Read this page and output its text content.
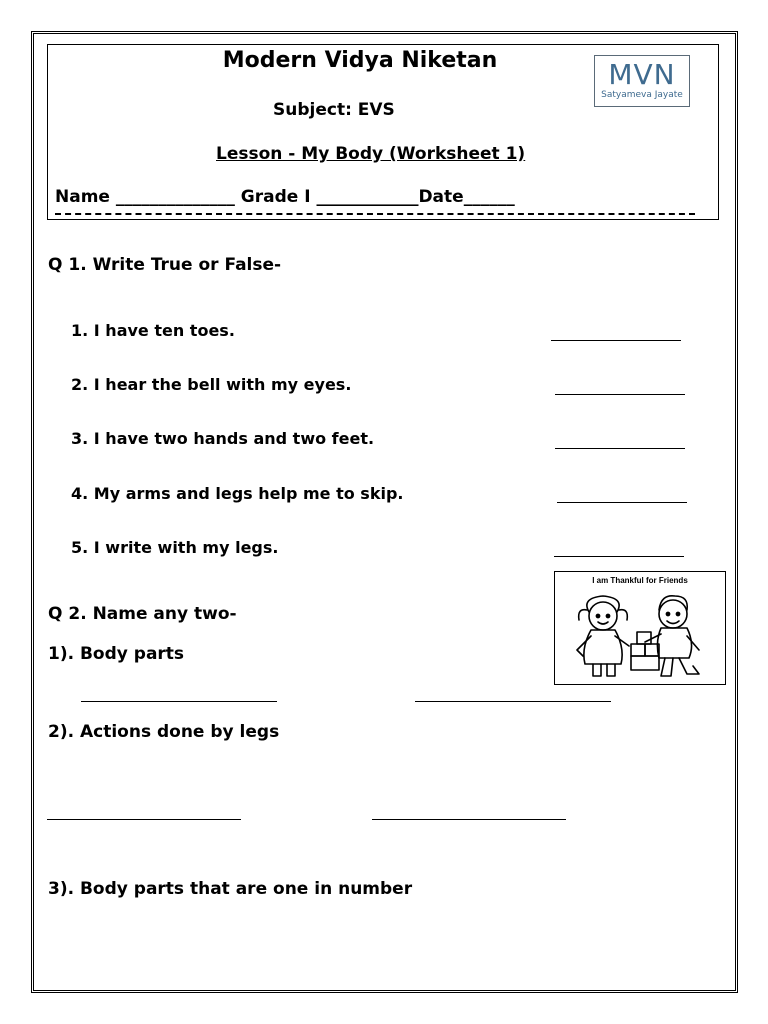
Modern Vidya Niketan	MVN
Satyameva Jayate
Subject: EVS
Lesson - My Body (Worksheet 1)
Name ______________ Grade I ____________Date______
Q 1. Write True or False-
1. I have ten toes.
2. I hear the bell with my eyes.
3. I have two hands and two feet.
4. My arms and legs help me to skip.
5. I write with my legs.
I am Thankful for Friends
Q 2. Name any two-
1). Body parts
2). Actions done by legs
3). Body parts that are one in number
